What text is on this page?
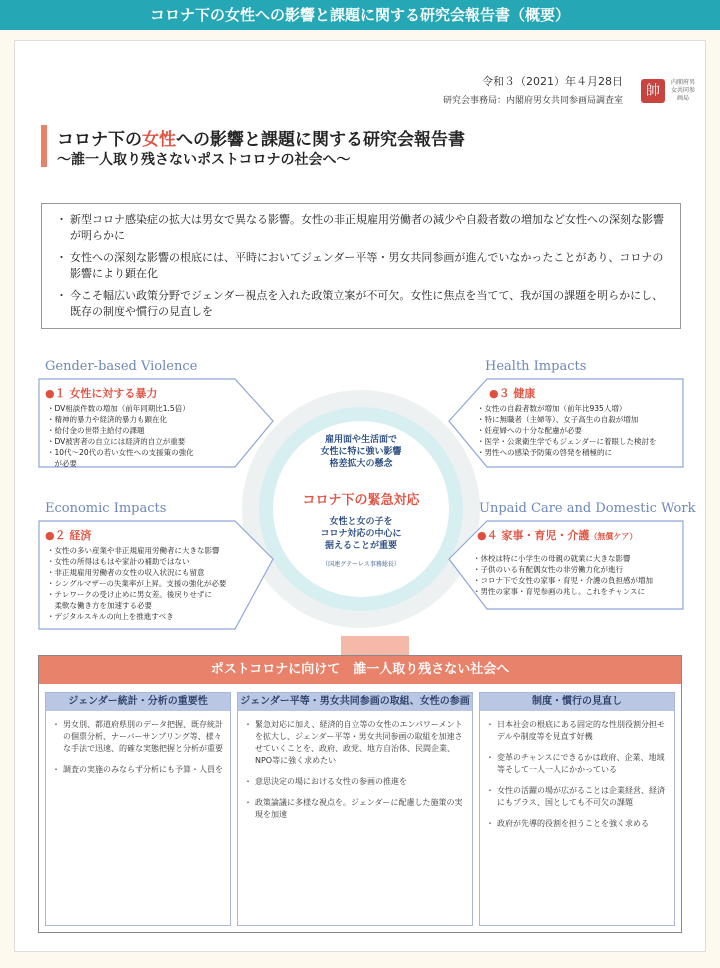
コロナ下の女性への影響と課題に関する研究会報告書（概要）
令和３（2021）年４月28日
研究会事務局：内閣府男女共同参画局調査室
帥
内閣府男女共同参画局
コロナ下の女性への影響と課題に関する研究会報告書
〜誰一人取り残さないポストコロナの社会へ〜
・ 新型コロナ感染症の拡大は男女で異なる影響。女性の非正規雇用労働者の減少や自殺者数の増加など女性への深刻な影響が明らかに
・ 女性への深刻な影響の根底には、平時においてジェンダー平等・男女共同参画が進んでいなかったことがあり、コロナの影響により顕在化
・ 今こそ幅広い政策分野でジェンダー視点を入れた政策立案が不可欠。女性に焦点を当てて、我が国の課題を明らかにし、既存の制度や慣行の見直しを
雇用面や生活面で
女性に特に強い影響
格差拡大の懸念
コロナ下の緊急対応
女性と女の子を
コロナ対応の中心に
据えることが重要
（国連グテーレス事務総長）
Gender-based Violence
●１ 女性に対する暴力
・DV相談件数の増加（前年同期比1.5倍）
・精神的暴力や経済的暴力も顕在化
・給付金の世帯主給付の課題
・DV被害者の自立には経済的自立が重要
・10代〜20代の若い女性への支援策の強化
　が必要
Health Impacts
●３ 健康
・女性の自殺者数が増加（前年比935人増）
・特に無職者（主婦等）、女子高生の自殺が増加
・妊産婦への十分な配慮が必要
・医学・公衆衛生学でもジェンダーに着眼した検討を
・男性への感染予防策の啓発を積極的に
Economic Impacts
●２ 経済
・女性の多い産業や非正規雇用労働者に大きな影響
・女性の所得はもはや家計の補助ではない
・非正規雇用労働者の女性の収入状況にも留意
・シングルマザーの失業率が上昇。支援の強化が必要
・テレワークの受け止めに男女差。後戻りせずに
　柔軟な働き方を加速する必要
・デジタルスキルの向上を推進すべき
Unpaid Care and Domestic Work
●４ 家事・育児・介護（無償ケア）
・休校は特に小学生の母親の就業に大きな影響
・子供のいる有配偶女性の非労働力化が進行
・コロナ下で女性の家事・育児・介護の負担感が増加
・男性の家事・育児参画の兆し。これをチャンスに
ポストコロナに向けて　誰一人取り残さない社会へ
ジェンダー統計・分析の重要性
・ 男女別、都道府県別のデータ把握、既存統計の個票分析、ナーバーサンプリング等、様々な手法で迅速、的確な実態把握と分析が重要
・ 調査の実施のみならず分析にも予算・人員を
ジェンダー平等・男女共同参画の取組、女性の参画
・ 緊急対応に加え、経済的自立等の女性のエンパワーメントを拡大し、ジェンダー平等・男女共同参画の取組を加速させていくことを、政府、政党、地方自治体、民間企業、NPO等に強く求めたい
・ 意思決定の場における女性の参画の推進を
・ 政策論議に多様な視点を。ジェンダーに配慮した施策の実現を加速
制度・慣行の見直し
・ 日本社会の根底にある固定的な性別役割分担モデルや制度等を見直す好機
・ 変革のチャンスにできるかは政府、企業、地域等そして一人一人にかかっている
・ 女性の活躍の場が広がることは企業経営、経済にもプラス、国としても不可欠の課題
・ 政府が先導的役割を担うことを強く求める
